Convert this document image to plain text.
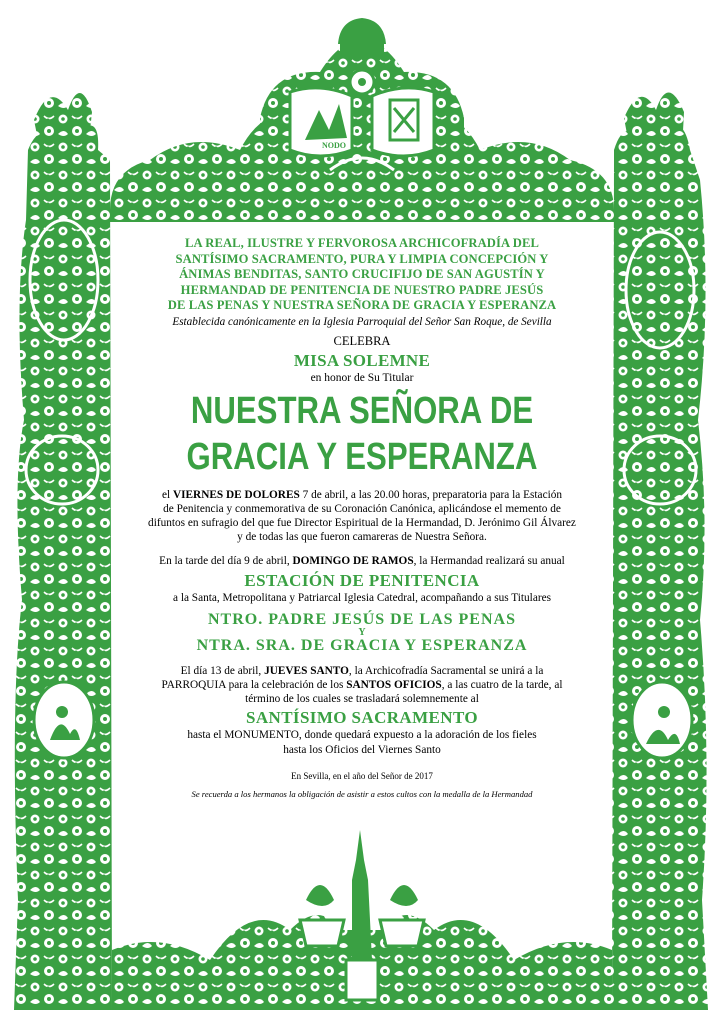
NODO
LA REAL, ILUSTRE Y FERVOROSA ARCHICOFRADÍA DEL
SANTÍSIMO SACRAMENTO, PURA Y LIMPIA CONCEPCIÓN Y
ÁNIMAS BENDITAS, SANTO CRUCIFIJO DE SAN AGUSTÍN Y
HERMANDAD DE PENITENCIA DE NUESTRO PADRE JESÚS
DE LAS PENAS Y NUESTRA SEÑORA DE GRACIA Y ESPERANZA
Establecida canónicamente en la Iglesia Parroquial del Señor San Roque, de Sevilla
CELEBRA
MISA SOLEMNE
en honor de Su Titular
NUESTRA SEÑORA DE
GRACIA Y ESPERANZA
el VIERNES DE DOLORES 7 de abril, a las 20.00 horas, preparatoria para la Estación
de Penitencia y conmemorativa de su Coronación Canónica, aplicándose el memento de
difuntos en sufragio del que fue Director Espiritual de la Hermandad, D. Jerónimo Gil Álvarez
y de todas las que fueron camareras de Nuestra Señora.
En la tarde del día 9 de abril, DOMINGO DE RAMOS, la Hermandad realizará su anual
ESTACIÓN DE PENITENCIA
a la Santa, Metropolitana y Patriarcal Iglesia Catedral, acompañando a sus Titulares
NTRO. PADRE JESÚS DE LAS PENAS
Y
NTRA. SRA. DE GRACIA Y ESPERANZA
El día 13 de abril, JUEVES SANTO, la Archicofradía Sacramental se unirá a la
PARROQUIA para la celebración de los SANTOS OFICIOS, a las cuatro de la tarde, al
término de los cuales se trasladará solemnemente al
SANTÍSIMO SACRAMENTO
hasta el MONUMENTO, donde quedará expuesto a la adoración de los fieles
hasta los Oficios del Viernes Santo
En Sevilla, en el año del Señor de 2017
Se recuerda a los hermanos la obligación de asistir a estos cultos con la medalla de la Hermandad
